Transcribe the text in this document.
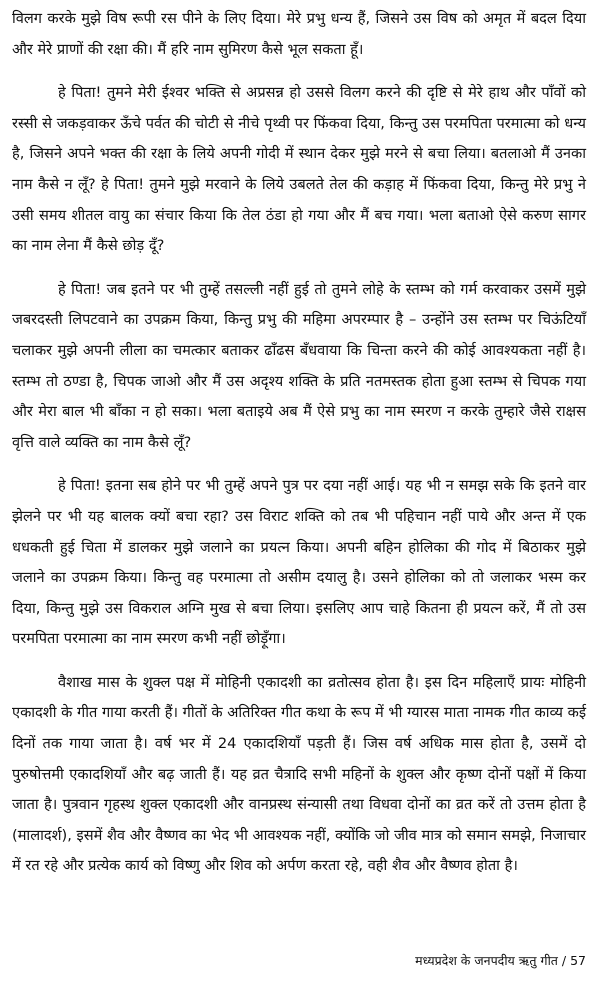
विलग करके मुझे विष रूपी रस पीने के लिए दिया। मेरे प्रभु धन्य हैं, जिसने उस विष को अमृत में बदल दिया और मेरे प्राणों की रक्षा की। मैं हरि नाम सुमिरण कैसे भूल सकता हूँ।

हे पिता! तुमने मेरी ईश्वर भक्ति से अप्रसन्न हो उससे विलग करने की दृष्टि से मेरे हाथ और पाँवों को रस्सी से जकड़वाकर ऊँचे पर्वत की चोटी से नीचे पृथ्वी पर फिंकवा दिया, किन्तु उस परमपिता परमात्मा को धन्य है, जिसने अपने भक्त की रक्षा के लिये अपनी गोदी में स्थान देकर मुझे मरने से बचा लिया। बतलाओ मैं उनका नाम कैसे न लूँ? हे पिता! तुमने मुझे मरवाने के लिये उबलते तेल की कड़ाह में फिंकवा दिया, किन्तु मेरे प्रभु ने उसी समय शीतल वायु का संचार किया कि तेल ठंडा हो गया और मैं बच गया। भला बताओ ऐसे करुण सागर का नाम लेना मैं कैसे छोड़ दूँ?

हे पिता! जब इतने पर भी तुम्हें तसल्ली नहीं हुई तो तुमने लोहे के स्तम्भ को गर्म करवाकर उसमें मुझे जबरदस्ती लिपटवाने का उपक्रम किया, किन्तु प्रभु की महिमा अपरम्पार है – उन्होंने उस स्तम्भ पर चिऊंटियाँ चलाकर मुझे अपनी लीला का चमत्कार बताकर ढाँढस बँधवाया कि चिन्ता करने की कोई आवश्यकता नहीं है। स्तम्भ तो ठण्डा है, चिपक जाओ और मैं उस अदृश्य शक्ति के प्रति नतमस्तक होता हुआ स्तम्भ से चिपक गया और मेरा बाल भी बाँका न हो सका। भला बताइये अब मैं ऐसे प्रभु का नाम स्मरण न करके तुम्हारे जैसे राक्षस वृत्ति वाले व्यक्ति का नाम कैसे लूँ?

हे पिता! इतना सब होने पर भी तुम्हें अपने पुत्र पर दया नहीं आई। यह भी न समझ सके कि इतने वार झेलने पर भी यह बालक क्यों बचा रहा? उस विराट शक्ति को तब भी पहिचान नहीं पाये और अन्त में एक धधकती हुई चिता में डालकर मुझे जलाने का प्रयत्न किया। अपनी बहिन होलिका की गोद में बिठाकर मुझे जलाने का उपक्रम किया। किन्तु वह परमात्मा तो असीम दयालु है। उसने होलिका को तो जलाकर भस्म कर दिया, किन्तु मुझे उस विकराल अग्नि मुख से बचा लिया। इसलिए आप चाहे कितना ही प्रयत्न करें, मैं तो उस परमपिता परमात्मा का नाम स्मरण कभी नहीं छोड़ूँगा।

वैशाख मास के शुक्ल पक्ष में मोहिनी एकादशी का व्रतोत्सव होता है। इस दिन महिलाएँ प्रायः मोहिनी एकादशी के गीत गाया करती हैं। गीतों के अतिरिक्त गीत कथा के रूप में भी ग्यारस माता नामक गीत काव्य कई दिनों तक गाया जाता है। वर्ष भर में 24 एकादशियाँ पड़ती हैं। जिस वर्ष अधिक मास होता है, उसमें दो पुरुषोत्तमी एकादशियाँ और बढ़ जाती हैं। यह व्रत चैत्रादि सभी महिनों के शुक्ल और कृष्ण दोनों पक्षों में किया जाता है। पुत्रवान गृहस्थ शुक्ल एकादशी और वानप्रस्थ संन्यासी तथा विधवा दोनों का व्रत करें तो उत्तम होता है (मालादर्श), इसमें शैव और वैष्णव का भेद भी आवश्यक नहीं, क्योंकि जो जीव मात्र को समान समझे, निजाचार में रत रहे और प्रत्येक कार्य को विष्णु और शिव को अर्पण करता रहे, वही शैव और वैष्णव होता है।

मध्यप्रदेश के जनपदीय ऋतु गीत / 57
